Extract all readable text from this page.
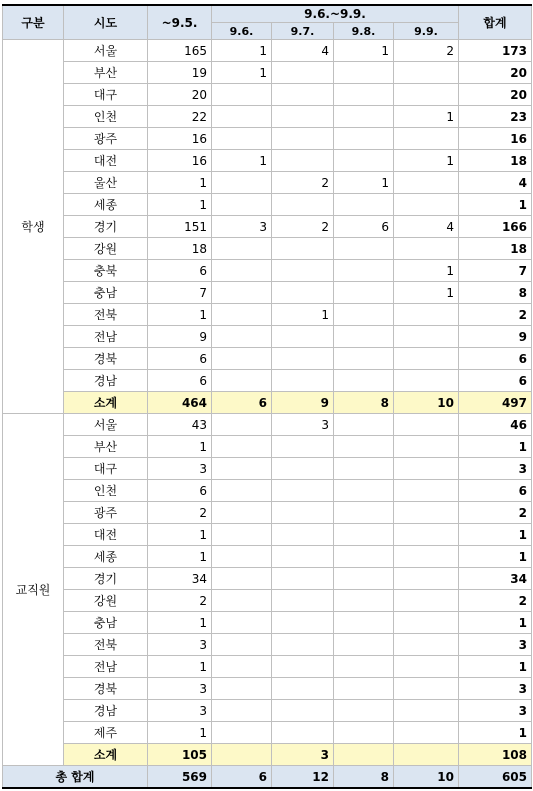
구분	시도	~9.5.	9.6.~9.9.				합계
			9.6.	9.7.	9.8.	9.9.	
학생	서울	165	1	4	1	2	173
	부산	19	1				20
	대구	20					20
	인천	22				1	23
	광주	16					16
	대전	16	1			1	18
	울산	1		2	1		4
	세종	1					1
	경기	151	3	2	6	4	166
	강원	18					18
	충북	6				1	7
	충남	7				1	8
	전북	1		1			2
	전남	9					9
	경북	6					6
	경남	6					6
	소계	464	6	9	8	10	497
교직원	서울	43		3			46
	부산	1					1
	대구	3					3
	인천	6					6
	광주	2					2
	대전	1					1
	세종	1					1
	경기	34					34
	강원	2					2
	충남	1					1
	전북	3					3
	전남	1					1
	경북	3					3
	경남	3					3
	제주	1					1
	소계	105		3			108
총 합계		569	6	12	8	10	605
